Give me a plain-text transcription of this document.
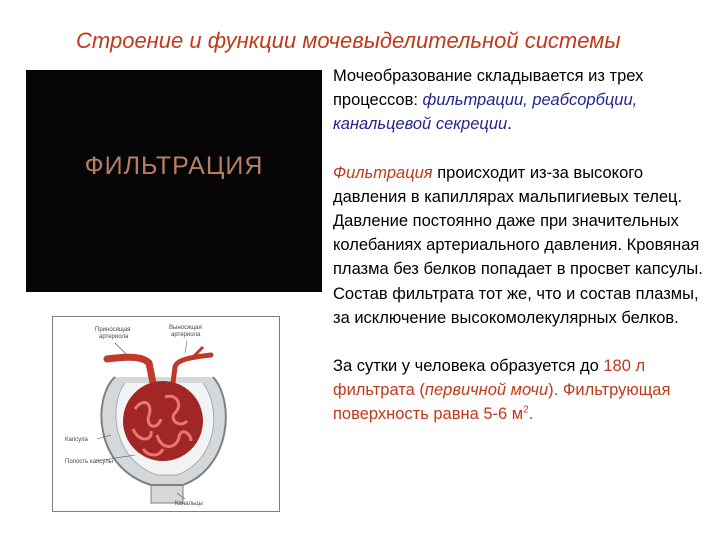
Строение и функции мочевыделительной системы
ФИЛЬТРАЦИЯ
Приносящая
артериола
Выносящая
артериола
Капсула
Полость капсулы
Канальцы

Мочеобразование складывается из трех процессов: фильтрации, реабсорбции, канальцевой секреции.

Фильтрация происходит из-за высокого давления в капиллярах мальпигиевых телец. Давление постоянно даже при значительных колебаниях артериального давления. Кровяная плазма без белков попадает в просвет капсулы. Состав фильтрата тот же, что и состав плазмы, за исключение высокомолекулярных белков.

За сутки у человека образуется до 180 л фильтрата (первичной мочи). Фильтрующая поверхность равна 5-6 $м^2$.
